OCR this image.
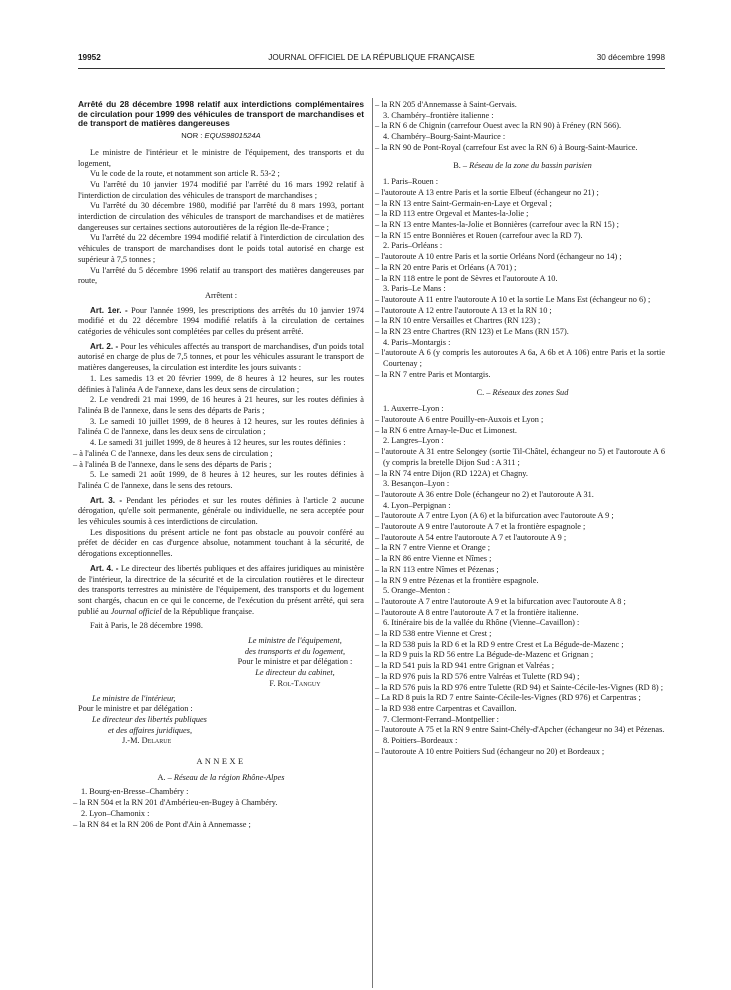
19952	JOURNAL OFFICIEL DE LA RÉPUBLIQUE FRANÇAISE	30 décembre 1998

Arrêté du 28 décembre 1998 relatif aux interdictions complémentaires de circulation pour 1999 des véhicules de transport de marchandises et de transport de matières dangereuses

NOR : EQUS9801524A

Le ministre de l'intérieur et le ministre de l'équipement, des transports et du logement,

Vu le code de la route, et notamment son article R. 53-2 ;

Vu l'arrêté du 10 janvier 1974 modifié par l'arrêté du 16 mars 1992 relatif à l'interdiction de circulation des véhicules de transport de marchandises ;

Vu l'arrêté du 30 décembre 1980, modifié par l'arrêté du 8 mars 1993, portant interdiction de circulation des véhicules de transport de marchandises et de matières dangereuses sur certaines sections autoroutières de la région Ile-de-France ;

Vu l'arrêté du 22 décembre 1994 modifié relatif à l'interdiction de circulation des véhicules de transport de marchandises dont le poids total autorisé en charge est supérieur à 7,5 tonnes ;

Vu l'arrêté du 5 décembre 1996 relatif au transport des matières dangereuses par route,

Arrêtent :

Art. 1er. - Pour l'année 1999, les prescriptions des arrêtés du 10 janvier 1974 modifié et du 22 décembre 1994 modifié relatifs à la circulation de certaines catégories de véhicules sont complétées par celles du présent arrêté.

Art. 2. - Pour les véhicules affectés au transport de marchandises, d'un poids total autorisé en charge de plus de 7,5 tonnes, et pour les véhicules assurant le transport de matières dangereuses, la circulation est interdite les jours suivants :

1. Les samedis 13 et 20 février 1999, de 8 heures à 12 heures, sur les routes définies à l'alinéa A de l'annexe, dans les deux sens de circulation ;

2. Le vendredi 21 mai 1999, de 16 heures à 21 heures, sur les routes définies à l'alinéa B de l'annexe, dans le sens des départs de Paris ;

3. Le samedi 10 juillet 1999, de 8 heures à 12 heures, sur les routes définies à l'alinéa C de l'annexe, dans les deux sens de circulation ;

4. Le samedi 31 juillet 1999, de 8 heures à 12 heures, sur les routes définies :

– à l'alinéa C de l'annexe, dans les deux sens de circulation ;

– à l'alinéa B de l'annexe, dans le sens des départs de Paris ;

5. Le samedi 21 août 1999, de 8 heures à 12 heures, sur les routes définies à l'alinéa C de l'annexe, dans le sens des retours.

Art. 3. - Pendant les périodes et sur les routes définies à l'article 2 aucune dérogation, qu'elle soit permanente, générale ou individuelle, ne sera acceptée pour les véhicules soumis à ces interdictions de circulation.

Les dispositions du présent article ne font pas obstacle au pouvoir conféré au préfet de décider en cas d'urgence absolue, notamment touchant à la sécurité, de dérogations exceptionnelles.

Art. 4. - Le directeur des libertés publiques et des affaires juridiques au ministère de l'intérieur, la directrice de la sécurité et de la circulation routières et le directeur des transports terrestres au ministère de l'équipement, des transports et du logement sont chargés, chacun en ce qui le concerne, de l'exécution du présent arrêté, qui sera publié au Journal officiel de la République française.

Fait à Paris, le 28 décembre 1998.

Le ministre de l'équipement,

des transports et du logement,

Pour le ministre et par délégation :

Le directeur du cabinet,

F. Rol-Tanguy

Le ministre de l'intérieur,

Pour le ministre et par délégation :

Le directeur des libertés publiques

et des affaires juridiques,

J.-M. Delarue

ANNEXE

A. – Réseau de la région Rhône-Alpes

1. Bourg-en-Bresse–Chambéry :

– la RN 504 et la RN 201 d'Ambérieu-en-Bugey à Chambéry.

2. Lyon–Chamonix :

– la RN 84 et la RN 206 de Pont d'Ain à Annemasse ;

– la RN 205 d'Annemasse à Saint-Gervais.

3. Chambéry–frontière italienne :

– la RN 6 de Chignin (carrefour Ouest avec la RN 90) à Fréney (RN 566).

4. Chambéry–Bourg-Saint-Maurice :

– la RN 90 de Pont-Royal (carrefour Est avec la RN 6) à Bourg-Saint-Maurice.

B. – Réseau de la zone du bassin parisien

1. Paris–Rouen :

– l'autoroute A 13 entre Paris et la sortie Elbeuf (échangeur no 21) ;

– la RN 13 entre Saint-Germain-en-Laye et Orgeval ;

– la RD 113 entre Orgeval et Mantes-la-Jolie ;

– la RN 13 entre Mantes-la-Jolie et Bonnières (carrefour avec la RN 15) ;

– la RN 15 entre Bonnières et Rouen (carrefour avec la RD 7).

2. Paris–Orléans :

– l'autoroute A 10 entre Paris et la sortie Orléans Nord (échangeur no 14) ;

– la RN 20 entre Paris et Orléans (A 701) ;

– la RN 118 entre le pont de Sèvres et l'autoroute A 10.

3. Paris–Le Mans :

– l'autoroute A 11 entre l'autoroute A 10 et la sortie Le Mans Est (échangeur no 6) ;

– l'autoroute A 12 entre l'autoroute A 13 et la RN 10 ;

– la RN 10 entre Versailles et Chartres (RN 123) ;

– la RN 23 entre Chartres (RN 123) et Le Mans (RN 157).

4. Paris–Montargis :

– l'autoroute A 6 (y compris les autoroutes A 6a, A 6b et A 106) entre Paris et la sortie Courtenay ;

– la RN 7 entre Paris et Montargis.

C. – Réseaux des zones Sud

1. Auxerre–Lyon :

– l'autoroute A 6 entre Pouilly-en-Auxois et Lyon ;

– la RN 6 entre Arnay-le-Duc et Limonest.

2. Langres–Lyon :

– l'autoroute A 31 entre Selongey (sortie Til-Châtel, échangeur no 5) et l'autoroute A 6 (y compris la bretelle Dijon Sud : A 311 ;

– la RN 74 entre Dijon (RD 122A) et Chagny.

3. Besançon–Lyon :

– l'autoroute A 36 entre Dole (échangeur no 2) et l'autoroute A 31.

4. Lyon–Perpignan :

– l'autoroute A 7 entre Lyon (A 6) et la bifurcation avec l'autoroute A 9 ;

– l'autoroute A 9 entre l'autoroute A 7 et la frontière espagnole ;

– l'autoroute A 54 entre l'autoroute A 7 et l'autoroute A 9 ;

– la RN 7 entre Vienne et Orange ;

– la RN 86 entre Vienne et Nîmes ;

– la RN 113 entre Nîmes et Pézenas ;

– la RN 9 entre Pézenas et la frontière espagnole.

5. Orange–Menton :

– l'autoroute A 7 entre l'autoroute A 9 et la bifurcation avec l'autoroute A 8 ;

– l'autoroute A 8 entre l'autoroute A 7 et la frontière italienne.

6. Itinéraire bis de la vallée du Rhône (Vienne–Cavaillon) :

– la RD 538 entre Vienne et Crest ;

– la RD 538 puis la RD 6 et la RD 9 entre Crest et La Bégude-de-Mazenc ;

– la RD 9 puis la RD 56 entre La Bégude-de-Mazenc et Grignan ;

– la RD 541 puis la RD 941 entre Grignan et Valréas ;

– la RD 976 puis la RD 576 entre Valréas et Tulette (RD 94) ;

– la RD 576 puis la RD 976 entre Tulette (RD 94) et Sainte-Cécile-les-Vignes (RD 8) ;

– La RD 8 puis la RD 7 entre Sainte-Cécile-les-Vignes (RD 976) et Carpentras ;

– la RD 938 entre Carpentras et Cavaillon.

7. Clermont-Ferrand–Montpellier :

– l'autoroute A 75 et la RN 9 entre Saint-Chély-d'Apcher (échangeur no 34) et Pézenas.

8. Poitiers–Bordeaux :

– l'autoroute A 10 entre Poitiers Sud (échangeur no 20) et Bordeaux ;
